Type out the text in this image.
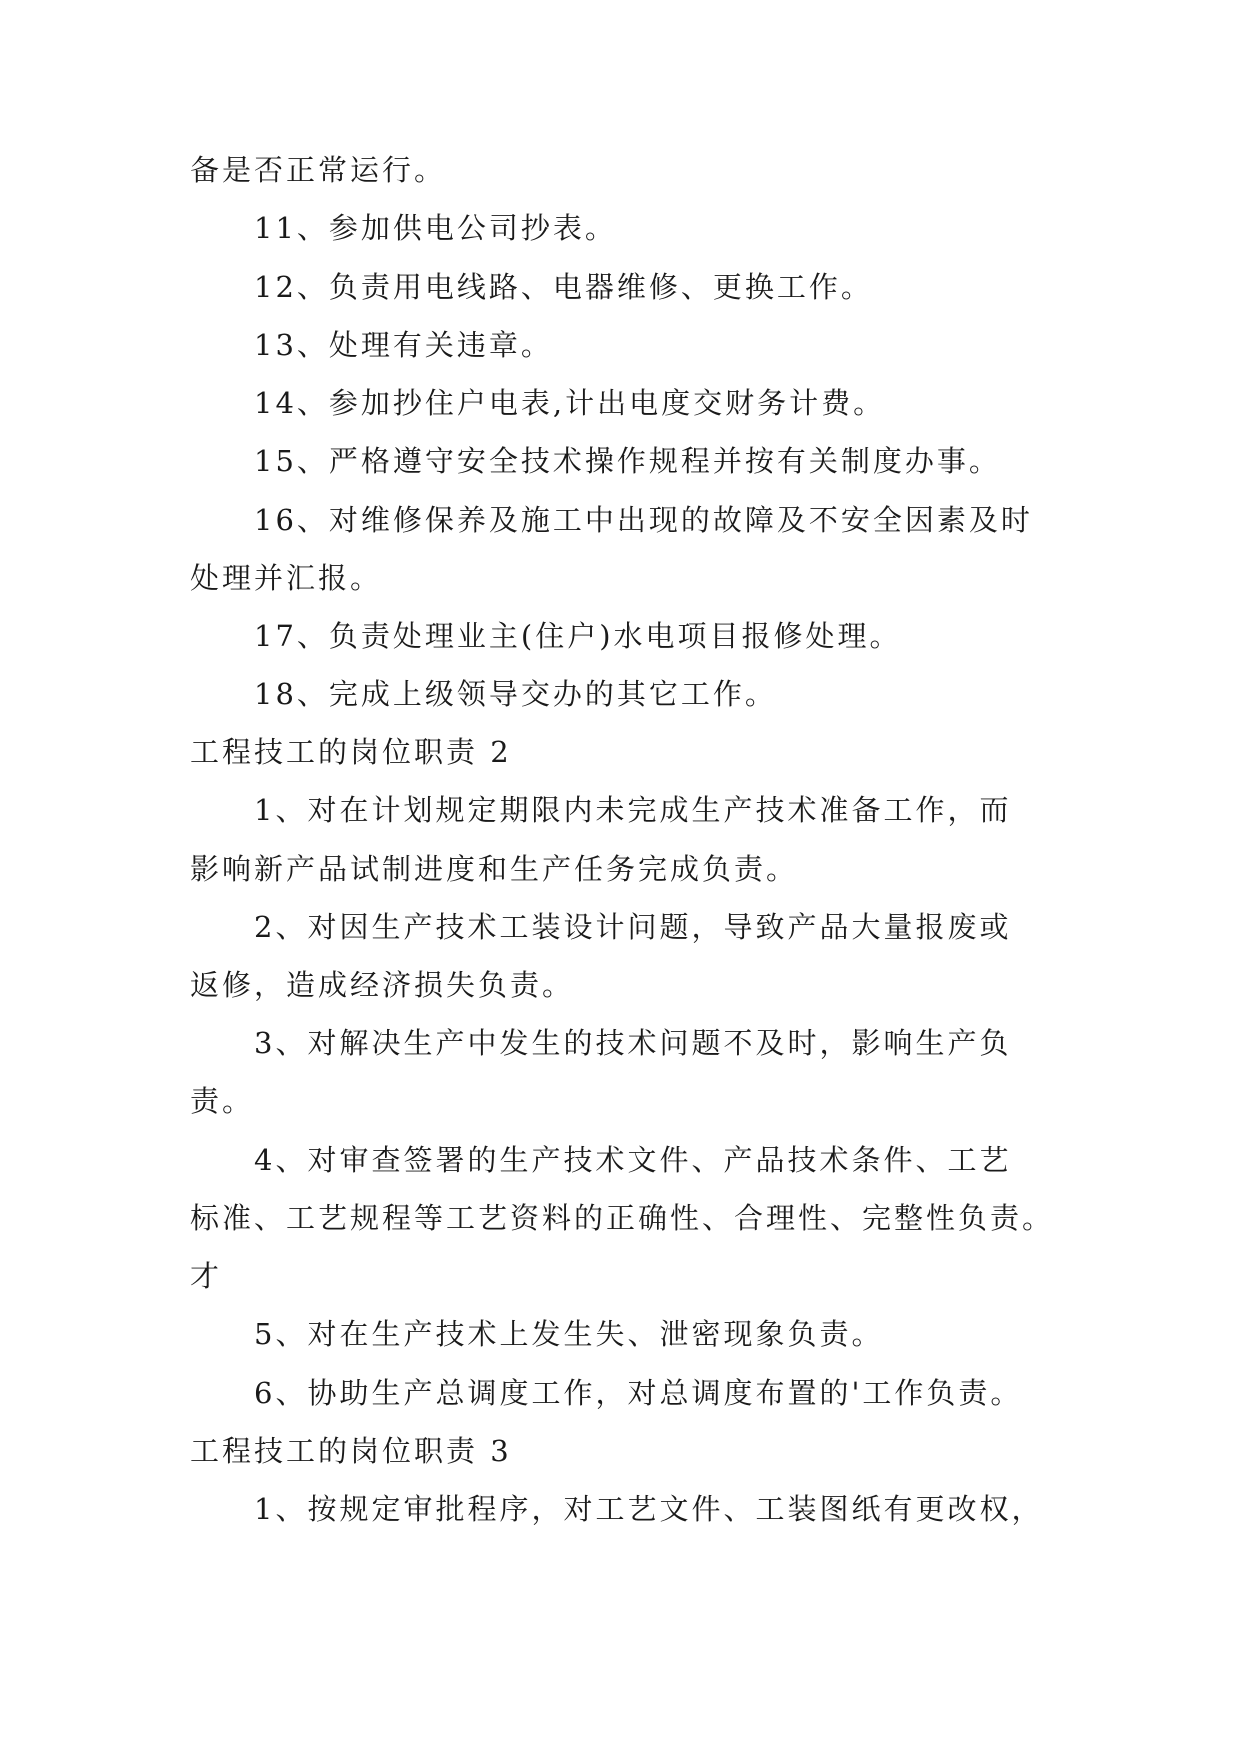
备是否正常运行。
11、参加供电公司抄表。
12、负责用电线路、电器维修、更换工作。
13、处理有关违章。
14、参加抄住户电表,计出电度交财务计费。
15、严格遵守安全技术操作规程并按有关制度办事。
16、对维修保养及施工中出现的故障及不安全因素及时
处理并汇报。
17、负责处理业主(住户)水电项目报修处理。
18、完成上级领导交办的其它工作。
工程技工的岗位职责 2
1、对在计划规定期限内未完成生产技术准备工作，而
影响新产品试制进度和生产任务完成负责。
2、对因生产技术工装设计问题，导致产品大量报废或
返修，造成经济损失负责。
3、对解决生产中发生的技术问题不及时，影响生产负
责。
4、对审查签署的生产技术文件、产品技术条件、工艺
标准、工艺规程等工艺资料的正确性、合理性、完整性负责。
才
5、对在生产技术上发生失、泄密现象负责。
6、协助生产总调度工作，对总调度布置的'工作负责。
工程技工的岗位职责 3
1、按规定审批程序，对工艺文件、工装图纸有更改权，
